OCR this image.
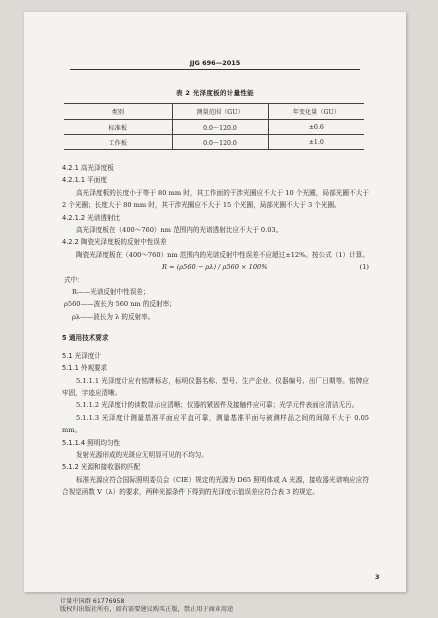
JJG 696—2015
表 2 光泽度板的计量性能
类别	测量范围（GU）	年变化量（GU）
标准板	0.0～120.0	±0.6
工作板	0.0～120.0	±1.0

4.2.1 高光泽度板

4.2.1.1 平面度

高光泽度板的长度小于等于 80 mm 时，其工作面的干涉光圈应不大于 10 个光圈，局部光圈不大于 2 个光圈；长度大于 80 mm 时，其干涉光圈应不大于 15 个光圈，局部光圈不大于 3 个光圈。

4.2.1.2 光谱透射比

高光泽度板在（400～760）nm 范围内的光谱透射比应不大于 0.03。

4.2.2 陶瓷光泽度板的反射中性误差

陶瓷光泽度板在（400～760）nm 范围内的光谱反射中性误差不应超过±12%。按公式（1）计算。

R = (ρ560 − ρλ) / ρ560 × 100%	(1)

式中：

R——光谱反射中性误差；

ρ560——波长为 560 nm 的反射率；

ρλ——波长为 λ 的反射率。

5 通用技术要求

5.1 光泽度计

5.1.1 外观要求

5.1.1.1 光泽度计应有铭牌标志，标明仪器名称、型号、生产企业、仪器编号、出厂日期等。铭牌应牢固，字迹应清晰。

5.1.1.2 光泽度计的读数显示应清晰；仪器的紧固件及接触件应可靠；光学元件表面应清洁无污。

5.1.1.3 光泽度计测量基准平面应平直可靠，测量基准平面与被测样品之间的间隙不大于 0.05 mm。

5.1.1.4 照明均匀性

发射光源形成的光斑应无明显可见的不均匀。

5.1.2 光源和接收器的匹配

标准光源应符合国际照明委员会（CIE）规定的光源为 D65 照明体或 A 光源，接收器光谱响应应符合视觉函数 V（λ）的要求，两种光源条件下得到的光泽度示值误差应符合表 3 的规定。

3
计量中国群 61776958
版权归出版社所有，如有需要建议购买正版，禁止用于商业用途
